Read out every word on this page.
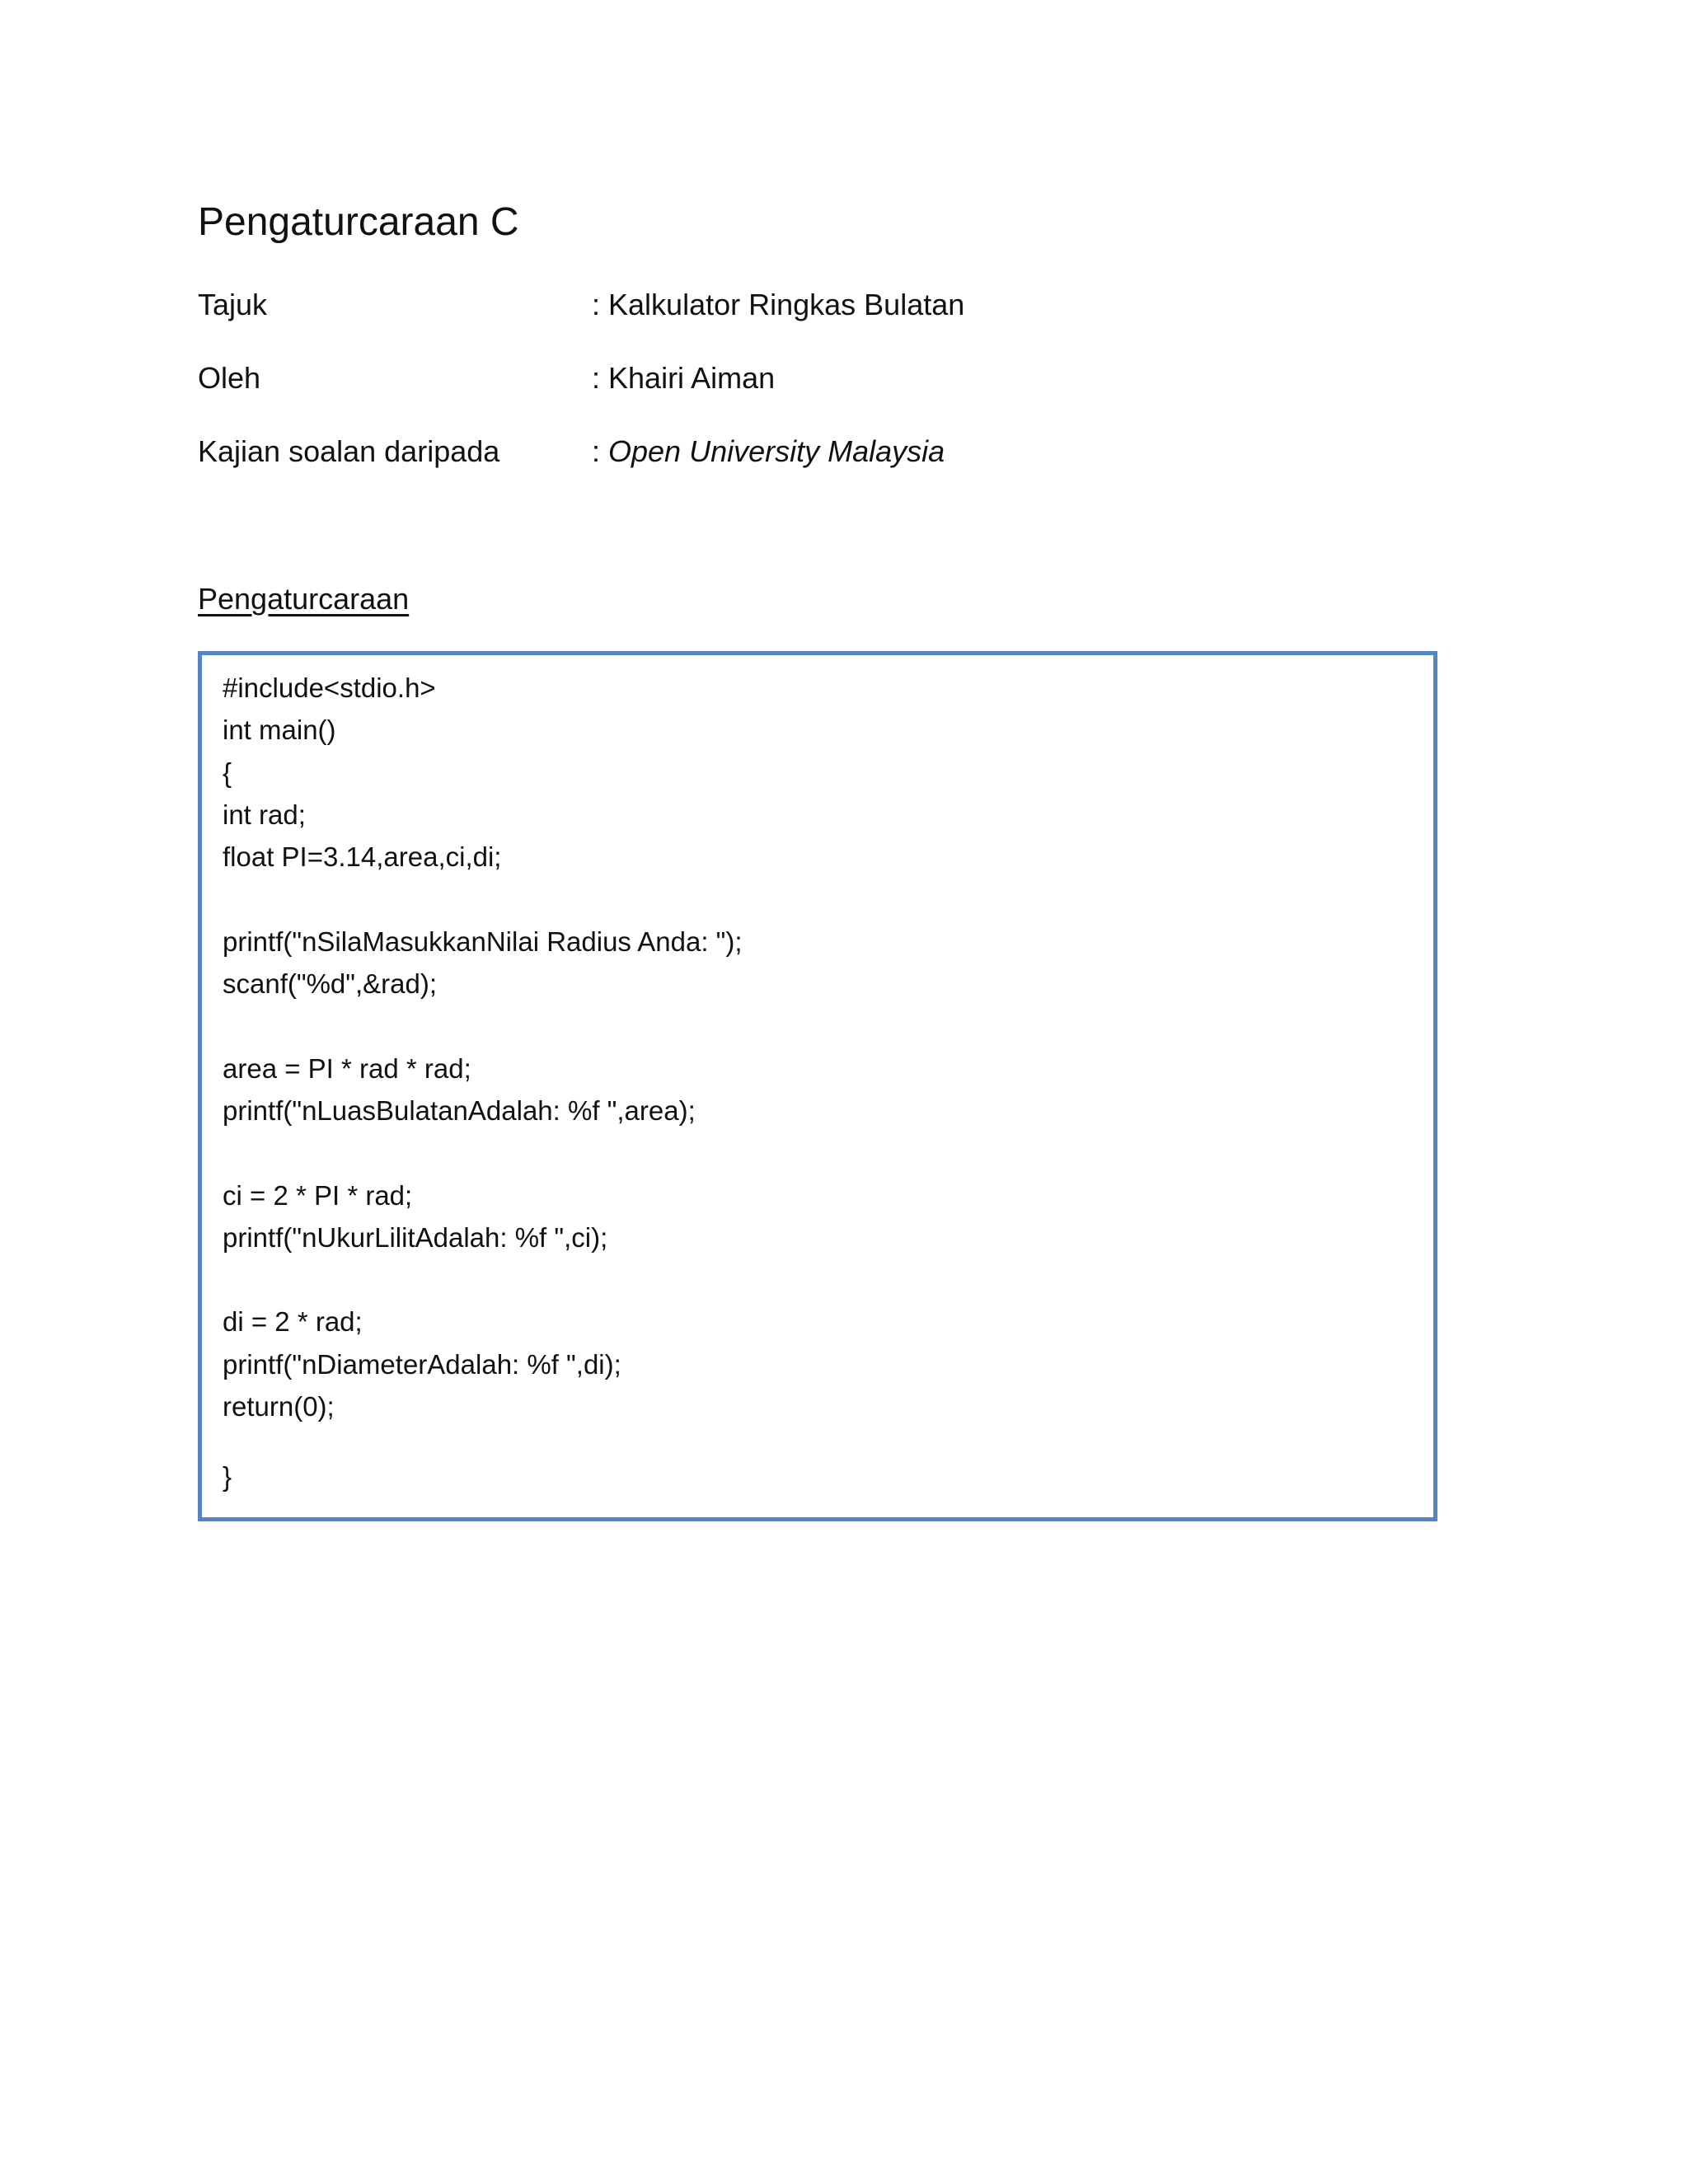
Pengaturcaraan C
Tajuk	: Kalkulator Ringkas Bulatan
Oleh	: Khairi Aiman
Kajian soalan daripada	: Open University Malaysia
Pengaturcaraan
#include<stdio.h>
int main()
{
int rad;
float PI=3.14,area,ci,di;
printf("nSilaMasukkanNilai Radius Anda: ");
scanf("%d",&rad);
area = PI * rad * rad;
printf("nLuasBulatanAdalah: %f ",area);
ci = 2 * PI * rad;
printf("nUkurLilitAdalah: %f ",ci);
di = 2 * rad;
printf("nDiameterAdalah: %f ",di);
return(0);
}
